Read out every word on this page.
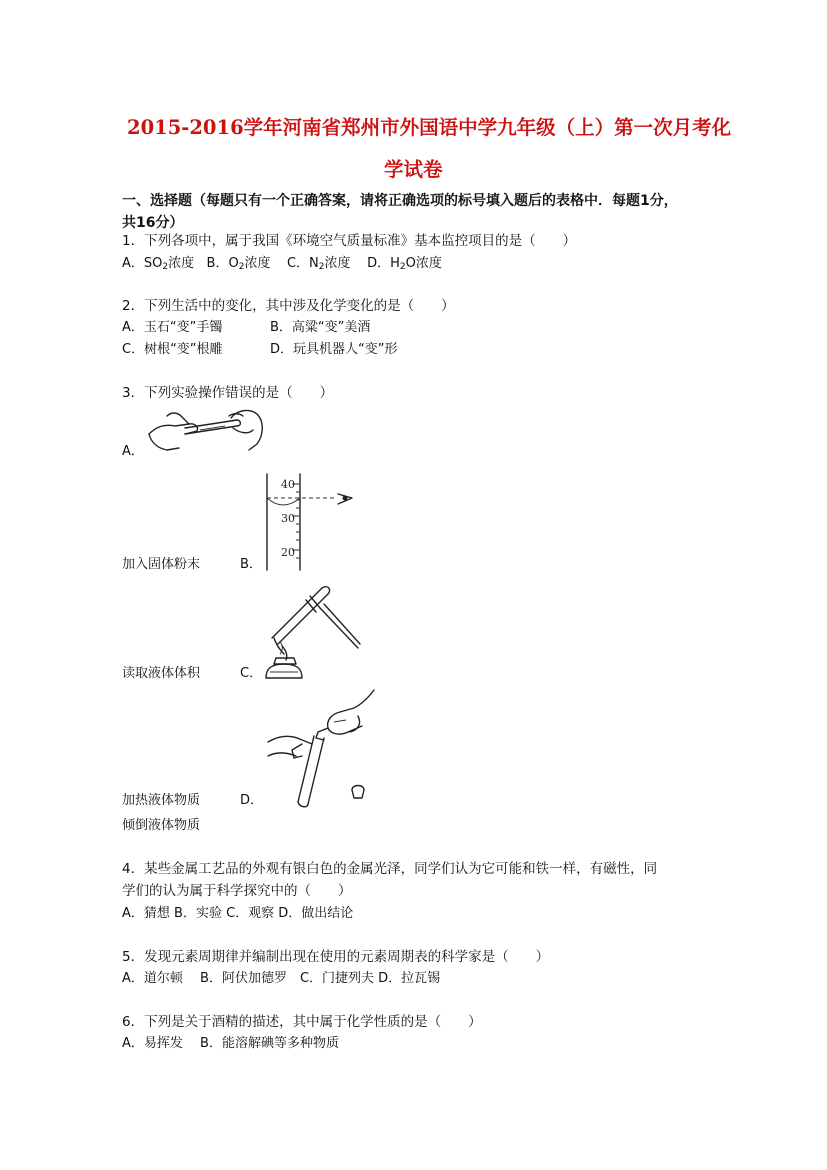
2015-2016学年河南省郑州市外国语中学九年级（上）第一次月考化
学试卷
一、选择题（每题只有一个正确答案，请将正确选项的标号填入题后的表格中．每题1分，
共16分）
1．下列各项中，属于我国《环境空气质量标准》基本监控项目的是（　　）
A．$SO_2$浓度 B．$O_2$浓度 C．$N_2$浓度 D．$H_2O$浓度
2．下列生活中的变化，其中涉及化学变化的是（　　）
A．玉石“变”手镯	B．高粱“变”美酒
C．树根“变”根雕	D．玩具机器人“变”形
3．下列实验操作错误的是（　　）
A．
40
30
20
加入固体粉末	B．
读取液体体积	C．
加热液体物质	D．
倾倒液体物质
4．某些金属工艺品的外观有银白色的金属光泽，同学们认为它可能和铁一样，有磁性，同
学们的认为属于科学探究中的（　　）
A．猜想 B．实验 C．观察 D．做出结论
5．发现元素周期律并编制出现在使用的元素周期表的科学家是（　　）
A．道尔顿　 B．阿伏加德罗　C．门捷列夫 D．拉瓦锡
6．下列是关于酒精的描述，其中属于化学性质的是（　　）
A．易挥发　 B．能溶解碘等多种物质
